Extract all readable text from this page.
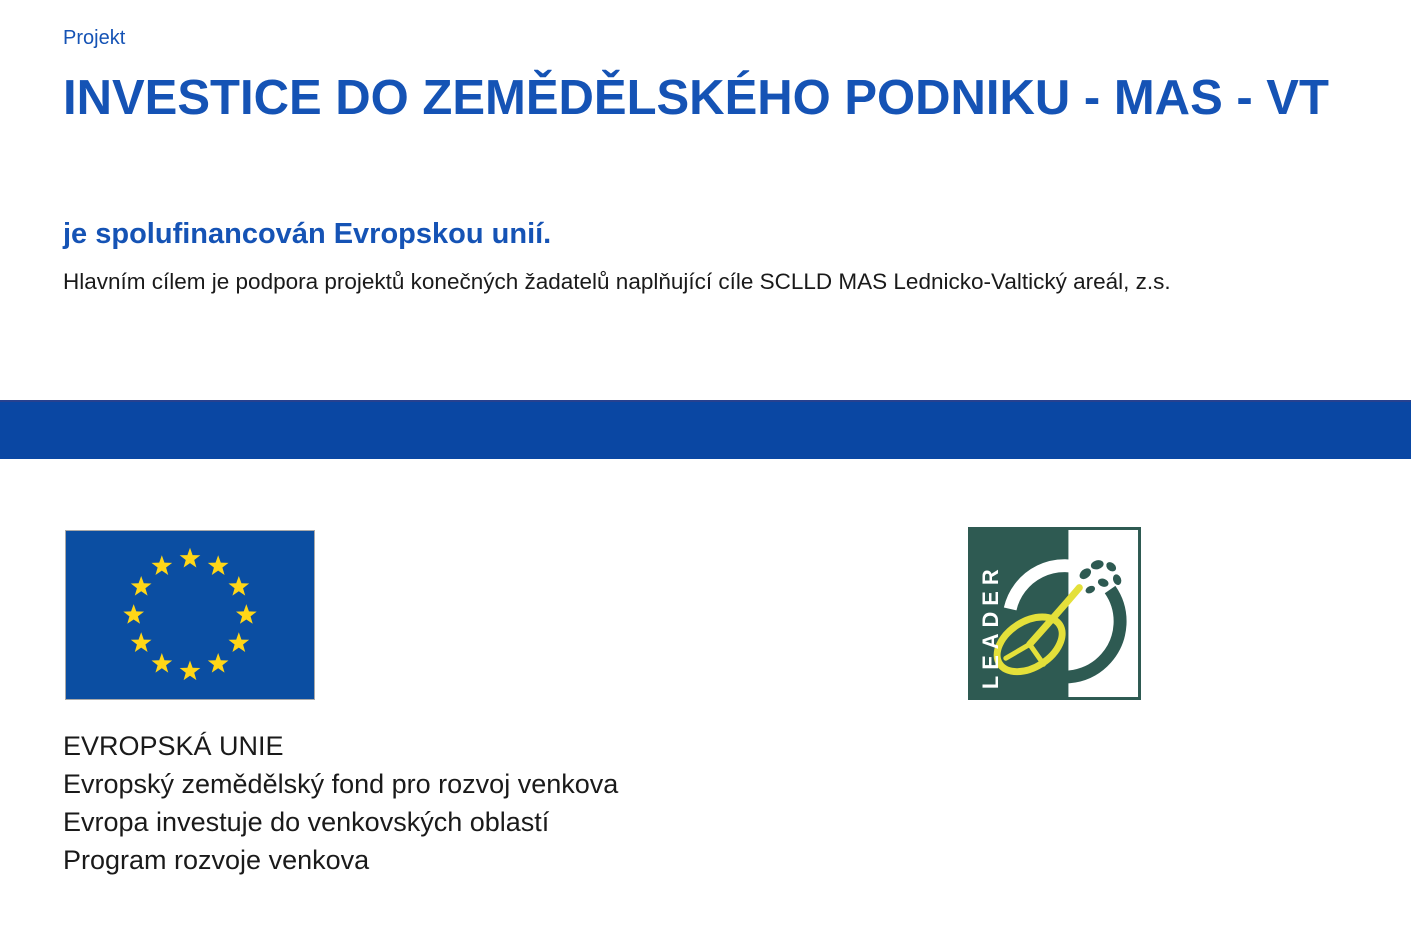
Projekt
INVESTICE DO ZEMĚDĚLSKÉHO PODNIKU - MAS - VT
je spolufinancován Evropskou unií.
Hlavním cílem je podpora projektů konečných žadatelů naplňující cíle SCLLD MAS Lednicko-Valtický areál, z.s.
LEADER
EVROPSKÁ UNIE
Evropský zemědělský fond pro rozvoj venkova
Evropa investuje do venkovských oblastí
Program rozvoje venkova
